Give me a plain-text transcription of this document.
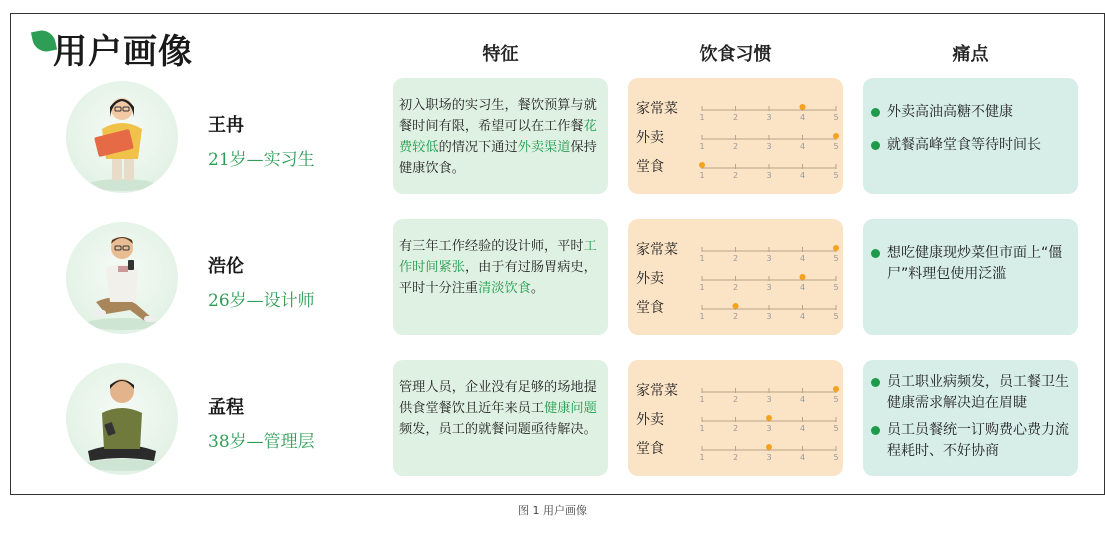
用户画像	特征	饮食习惯	痛点
王冉
21岁—实习生
初入职场的实习生，餐饮预算与就餐时间有限，希望可以在工作餐花费较低的情况下通过外卖渠道保持健康饮食。
家常菜
1	2	3	4	5
外卖
1	2	3	4	5
堂食
1	2	3	4	5
外卖高油高糖不健康
就餐高峰堂食等待时间长
浩伦
26岁—设计师
有三年工作经验的设计师，平时工作时间紧张，由于有过肠胃病史，平时十分注重清淡饮食。
家常菜
1	2	3	4	5
外卖
1	2	3	4	5
堂食
1	2	3	4	5
想吃健康现炒菜但市面上“僵尸”料理包使用泛滥
孟程
38岁—管理层
管理人员，企业没有足够的场地提供食堂餐饮且近年来员工健康问题频发，员工的就餐问题亟待解决。
家常菜
1	2	3	4	5
外卖
1	2	3	4	5
堂食
1	2	3	4	5
员工职业病频发，员工餐卫生健康需求解决迫在眉睫
员工员餐统一订购费心费力流程耗时、不好协商
图 1 用户画像
